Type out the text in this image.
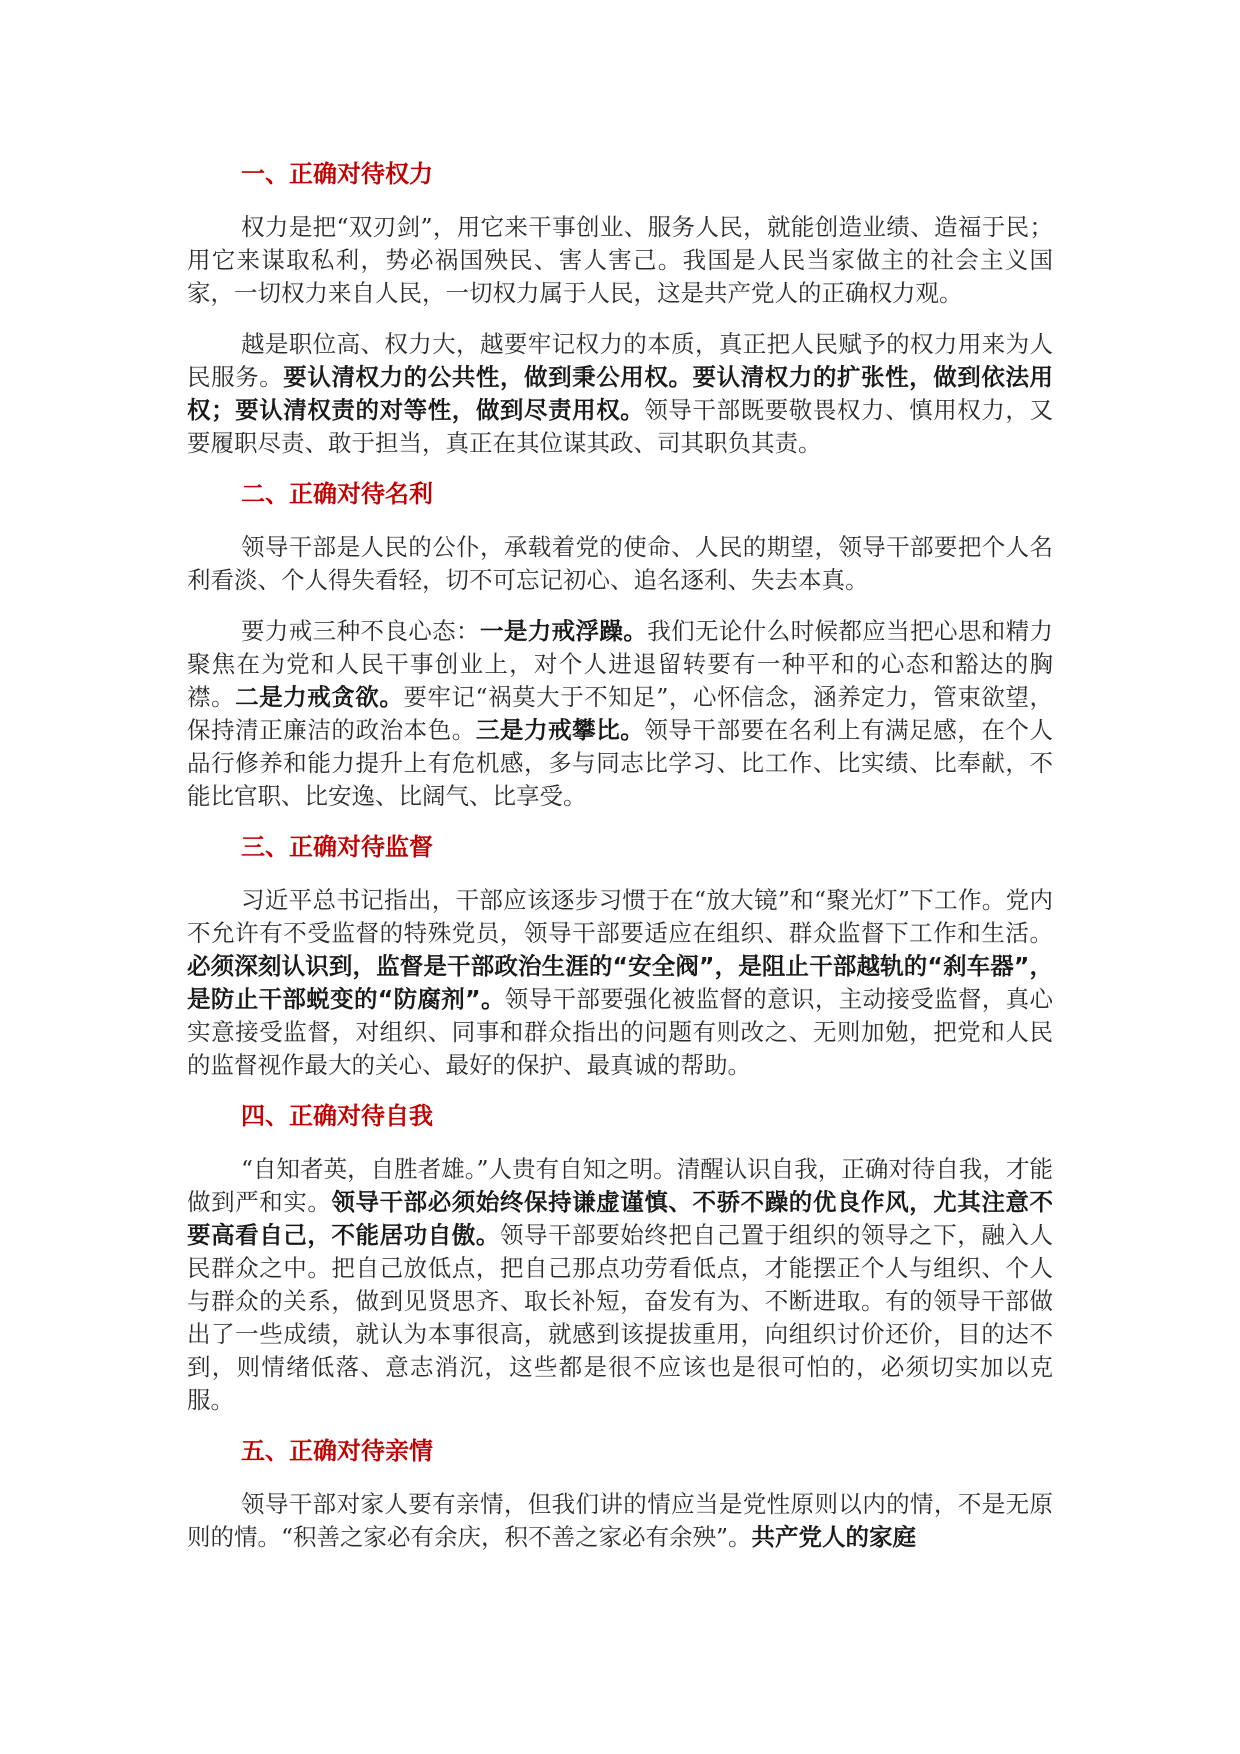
一、正确对待权力

权力是把“双刃剑”，用它来干事创业、服务人民，就能创造业绩、造福于民；用它来谋取私利，势必祸国殃民、害人害己。我国是人民当家做主的社会主义国家，一切权力来自人民，一切权力属于人民，这是共产党人的正确权力观。

越是职位高、权力大，越要牢记权力的本质，真正把人民赋予的权力用来为人民服务。要认清权力的公共性，做到秉公用权。要认清权力的扩张性，做到依法用权；要认清权责的对等性，做到尽责用权。领导干部既要敬畏权力、慎用权力，又要履职尽责、敢于担当，真正在其位谋其政、司其职负其责。

二、正确对待名利

领导干部是人民的公仆，承载着党的使命、人民的期望，领导干部要把个人名利看淡、个人得失看轻，切不可忘记初心、追名逐利、失去本真。

要力戒三种不良心态：一是力戒浮躁。我们无论什么时候都应当把心思和精力聚焦在为党和人民干事创业上，对个人进退留转要有一种平和的心态和豁达的胸襟。二是力戒贪欲。要牢记“祸莫大于不知足”，心怀信念，涵养定力，管束欲望，保持清正廉洁的政治本色。三是力戒攀比。领导干部要在名利上有满足感，在个人品行修养和能力提升上有危机感，多与同志比学习、比工作、比实绩、比奉献，不能比官职、比安逸、比阔气、比享受。

三、正确对待监督

习近平总书记指出，干部应该逐步习惯于在“放大镜”和“聚光灯”下工作。党内不允许有不受监督的特殊党员，领导干部要适应在组织、群众监督下工作和生活。必须深刻认识到，监督是干部政治生涯的“安全阀”，是阻止干部越轨的“刹车器”，是防止干部蜕变的“防腐剂”。领导干部要强化被监督的意识，主动接受监督，真心实意接受监督，对组织、同事和群众指出的问题有则改之、无则加勉，把党和人民的监督视作最大的关心、最好的保护、最真诚的帮助。

四、正确对待自我

“自知者英，自胜者雄。”人贵有自知之明。清醒认识自我，正确对待自我，才能做到严和实。领导干部必须始终保持谦虚谨慎、不骄不躁的优良作风，尤其注意不要高看自己，不能居功自傲。领导干部要始终把自己置于组织的领导之下，融入人民群众之中。把自己放低点，把自己那点功劳看低点，才能摆正个人与组织、个人与群众的关系，做到见贤思齐、取长补短，奋发有为、不断进取。有的领导干部做出了一些成绩，就认为本事很高，就感到该提拔重用，向组织讨价还价，目的达不到，则情绪低落、意志消沉，这些都是很不应该也是很可怕的，必须切实加以克服。

五、正确对待亲情

领导干部对家人要有亲情，但我们讲的情应当是党性原则以内的情，不是无原则的情。“积善之家必有余庆，积不善之家必有余殃”。共产党人的家庭
